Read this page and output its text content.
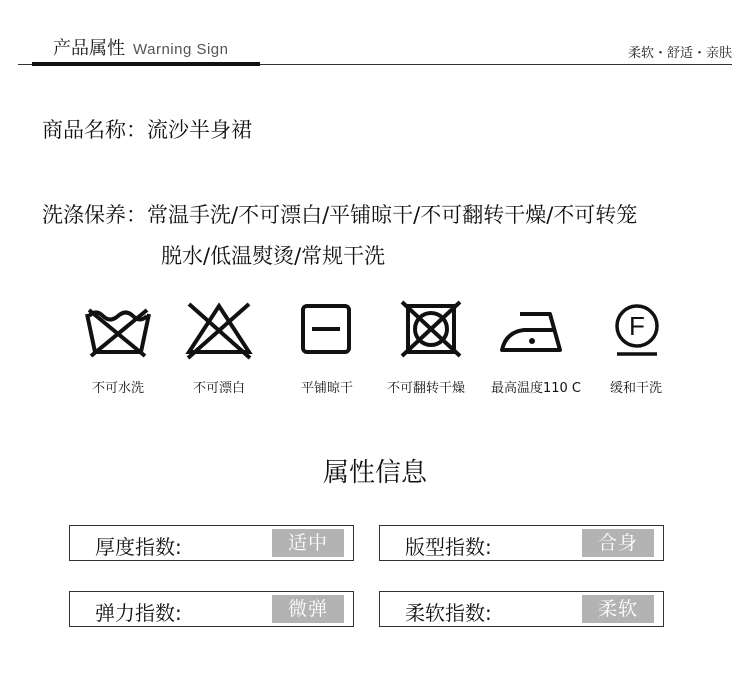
产品属性 Warning Sign	柔软・舒适・亲肤
商品名称：流沙半身裙
洗涤保养：常温手洗/不可漂白/平铺晾干/不可翻转干燥/不可转笼
脱水/低温熨烫/常规干洗
F
不可水洗	不可漂白	平铺晾干	不可翻转干燥	最高温度110 C	缓和干洗
属性信息
厚度指数:	适中	版型指数:	合身
弹力指数:	微弹	柔软指数:	柔软
